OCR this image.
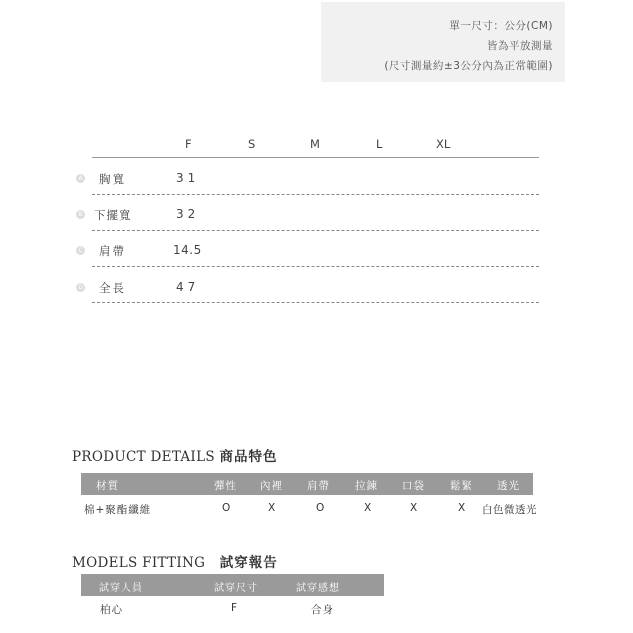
單一尺寸：公分(CM)
皆為平放測量
(尺寸測量約±3公分內為正常範圍)
F	S	M	L	XL
A 胸寬	31
B 下擺寬	32
C 肩帶	14.5
D 全長	47
PRODUCT DETAILS 商品特色
材質	彈性 內裡 肩帶 拉鍊 口袋 鬆緊 透光
棉+聚酯纖維	O	X	O	X	X	X 白色微透光
MODELS FITTING 試穿報告
試穿人員	試穿尺寸	試穿感想
柏心	F	合身
